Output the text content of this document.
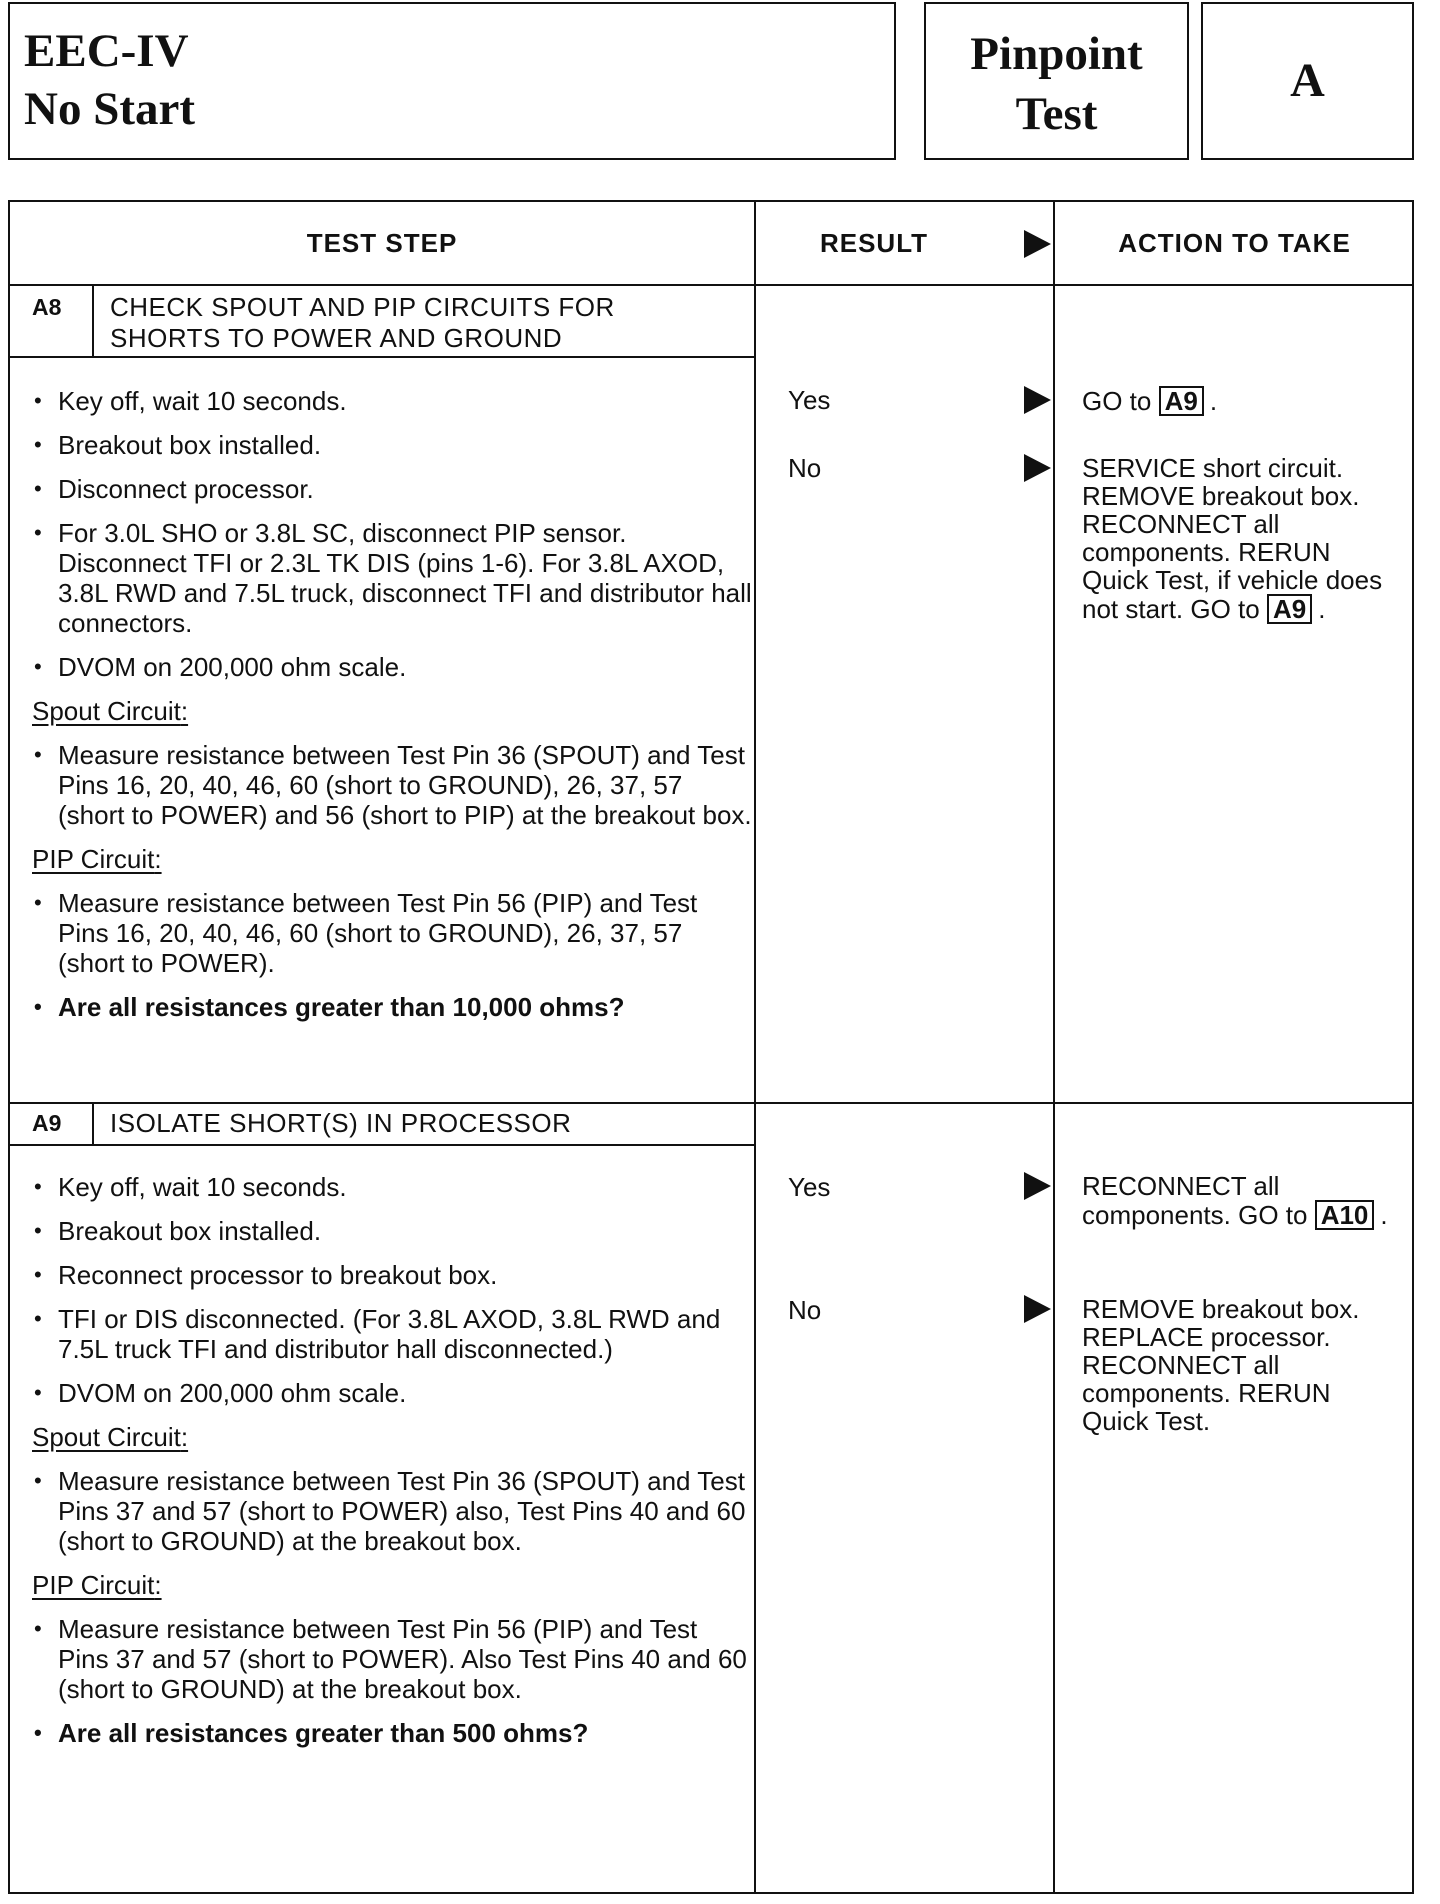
EEC-IV
No Start
Pinpoint
Test
A
TEST STEP	RESULT	ACTION TO TAKE
A8 CHECK SPOUT AND PIP CIRCUITS FOR
SHORTS TO POWER AND GROUND
• Key off, wait 10 seconds.
• Breakout box installed.
• Disconnect processor.
• For 3.0L SHO or 3.8L SC, disconnect PIP sensor. Disconnect TFI or 2.3L TK DIS (pins 1-6). For 3.8L AXOD, 3.8L RWD and 7.5L truck, disconnect TFI and distributor hall connectors.
• DVOM on 200,000 ohm scale.
Spout Circuit:
• Measure resistance between Test Pin 36 (SPOUT) and Test Pins 16, 20, 40, 46, 60 (short to GROUND), 26, 37, 57 (short to POWER) and 56 (short to PIP) at the breakout box.
PIP Circuit:
• Measure resistance between Test Pin 56 (PIP) and Test Pins 16, 20, 40, 46, 60 (short to GROUND), 26, 37, 57 (short to POWER).
• Are all resistances greater than 10,000 ohms?
Yes	GO to A9 .
No	SERVICE short circuit. REMOVE breakout box. RECONNECT all components. RERUN Quick Test, if vehicle does not start. GO to A9 .
A9 ISOLATE SHORT(S) IN PROCESSOR
• Key off, wait 10 seconds.
• Breakout box installed.
• Reconnect processor to breakout box.
• TFI or DIS disconnected. (For 3.8L AXOD, 3.8L RWD and 7.5L truck TFI and distributor hall disconnected.)
• DVOM on 200,000 ohm scale.
Spout Circuit:
• Measure resistance between Test Pin 36 (SPOUT) and Test Pins 37 and 57 (short to POWER) also, Test Pins 40 and 60 (short to GROUND) at the breakout box.
PIP Circuit:
• Measure resistance between Test Pin 56 (PIP) and Test Pins 37 and 57 (short to POWER). Also Test Pins 40 and 60 (short to GROUND) at the breakout box.
• Are all resistances greater than 500 ohms?
Yes	RECONNECT all components. GO to A10 .
No	REMOVE breakout box. REPLACE processor. RECONNECT all components. RERUN Quick Test.
